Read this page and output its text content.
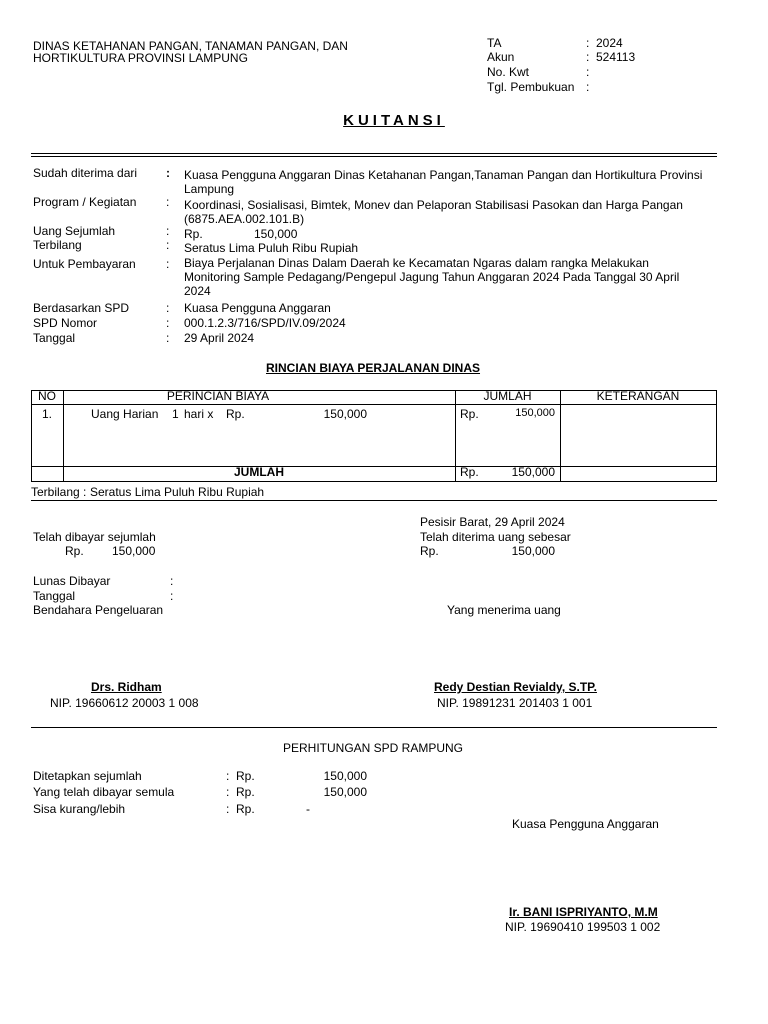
DINAS KETAHANAN PANGAN, TANAMAN PANGAN, DAN
HORTIKULTURA PROVINSI LAMPUNG
TA	: 2024
Akun	: 524113
No. Kwt	:
Tgl. Pembukuan :
KUITANSI
Sudah diterima dari : Kuasa Pengguna Anggaran Dinas Ketahanan Pangan,Tanaman Pangan dan Hortikultura Provinsi Lampung
Program / Kegiatan : Koordinasi, Sosialisasi, Bimtek, Monev dan Pelaporan Stabilisasi Pasokan dan Harga Pangan (6875.AEA.002.101.B)
Uang Sejumlah	: Rp.	150,000
Terbilang	: Seratus Lima Puluh Ribu Rupiah
Untuk Pembayaran	: Biaya Perjalanan Dinas Dalam Daerah ke Kecamatan Ngaras dalam rangka Melakukan Monitoring Sample Pedagang/Pengepul Jagung Tahun Anggaran 2024 Pada Tanggal 30 April 2024
Berdasarkan SPD	: Kuasa Pengguna Anggaran
SPD Nomor	: 000.1.2.3/716/SPD/IV.09/2024
Tanggal	: 29 April 2024
RINCIAN BIAYA PERJALANAN DINAS
NO	PERINCIAN BIAYA	JUMLAH	KETERANGAN
1.	Uang Harian 1 hari x Rp.	150,000	Rp.	150,000
JUMLAH	Rp.	150,000
Terbilang : Seratus Lima Puluh Ribu Rupiah
Telah dibayar sejumlah
Rp. 150,000
Pesisir Barat, 29 April 2024
Telah diterima uang sebesar
Rp.	150,000
Lunas Dibayar	:
Tanggal	:
Bendahara Pengeluaran	Yang menerima uang
Drs. Ridham
NIP. 19660612 20003 1 008
Redy Destian Revialdy, S.TP.
NIP. 19891231 201403 1 001
PERHITUNGAN SPD RAMPUNG
Ditetapkan sejumlah	: Rp.	150,000
Yang telah dibayar semula	: Rp.	150,000
Sisa kurang/lebih	: Rp.	-
Kuasa Pengguna Anggaran
Ir. BANI ISPRIYANTO, M.M
NIP. 19690410 199503 1 002
